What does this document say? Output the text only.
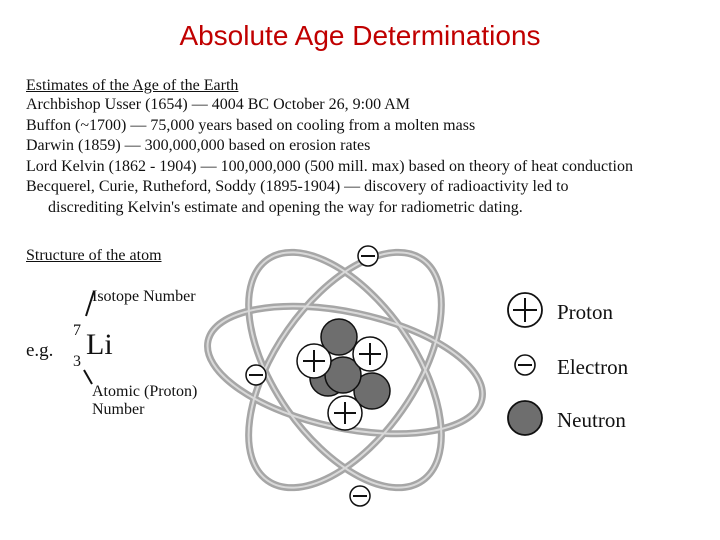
Absolute Age Determinations
Estimates of the Age of the Earth
Archbishop Usser (1654) — 4004 BC October 26, 9:00 AM
Buffon (~1700) — 75,000 years based on cooling from a molten mass
Darwin (1859) — 300,000,000 based on erosion rates
Lord Kelvin (1862 - 1904) — 100,000,000 (500 mill. max) based on theory of heat conduction
Becquerel, Curie, Rutheford, Soddy (1895-1904) — discovery of radioactivity led to
discrediting Kelvin's estimate and opening the way for radiometric dating.
Structure of the atom
Isotope Number
e.g.
7
3
Li
Atomic (Proton)
Number
Proton
Electron
Neutron
